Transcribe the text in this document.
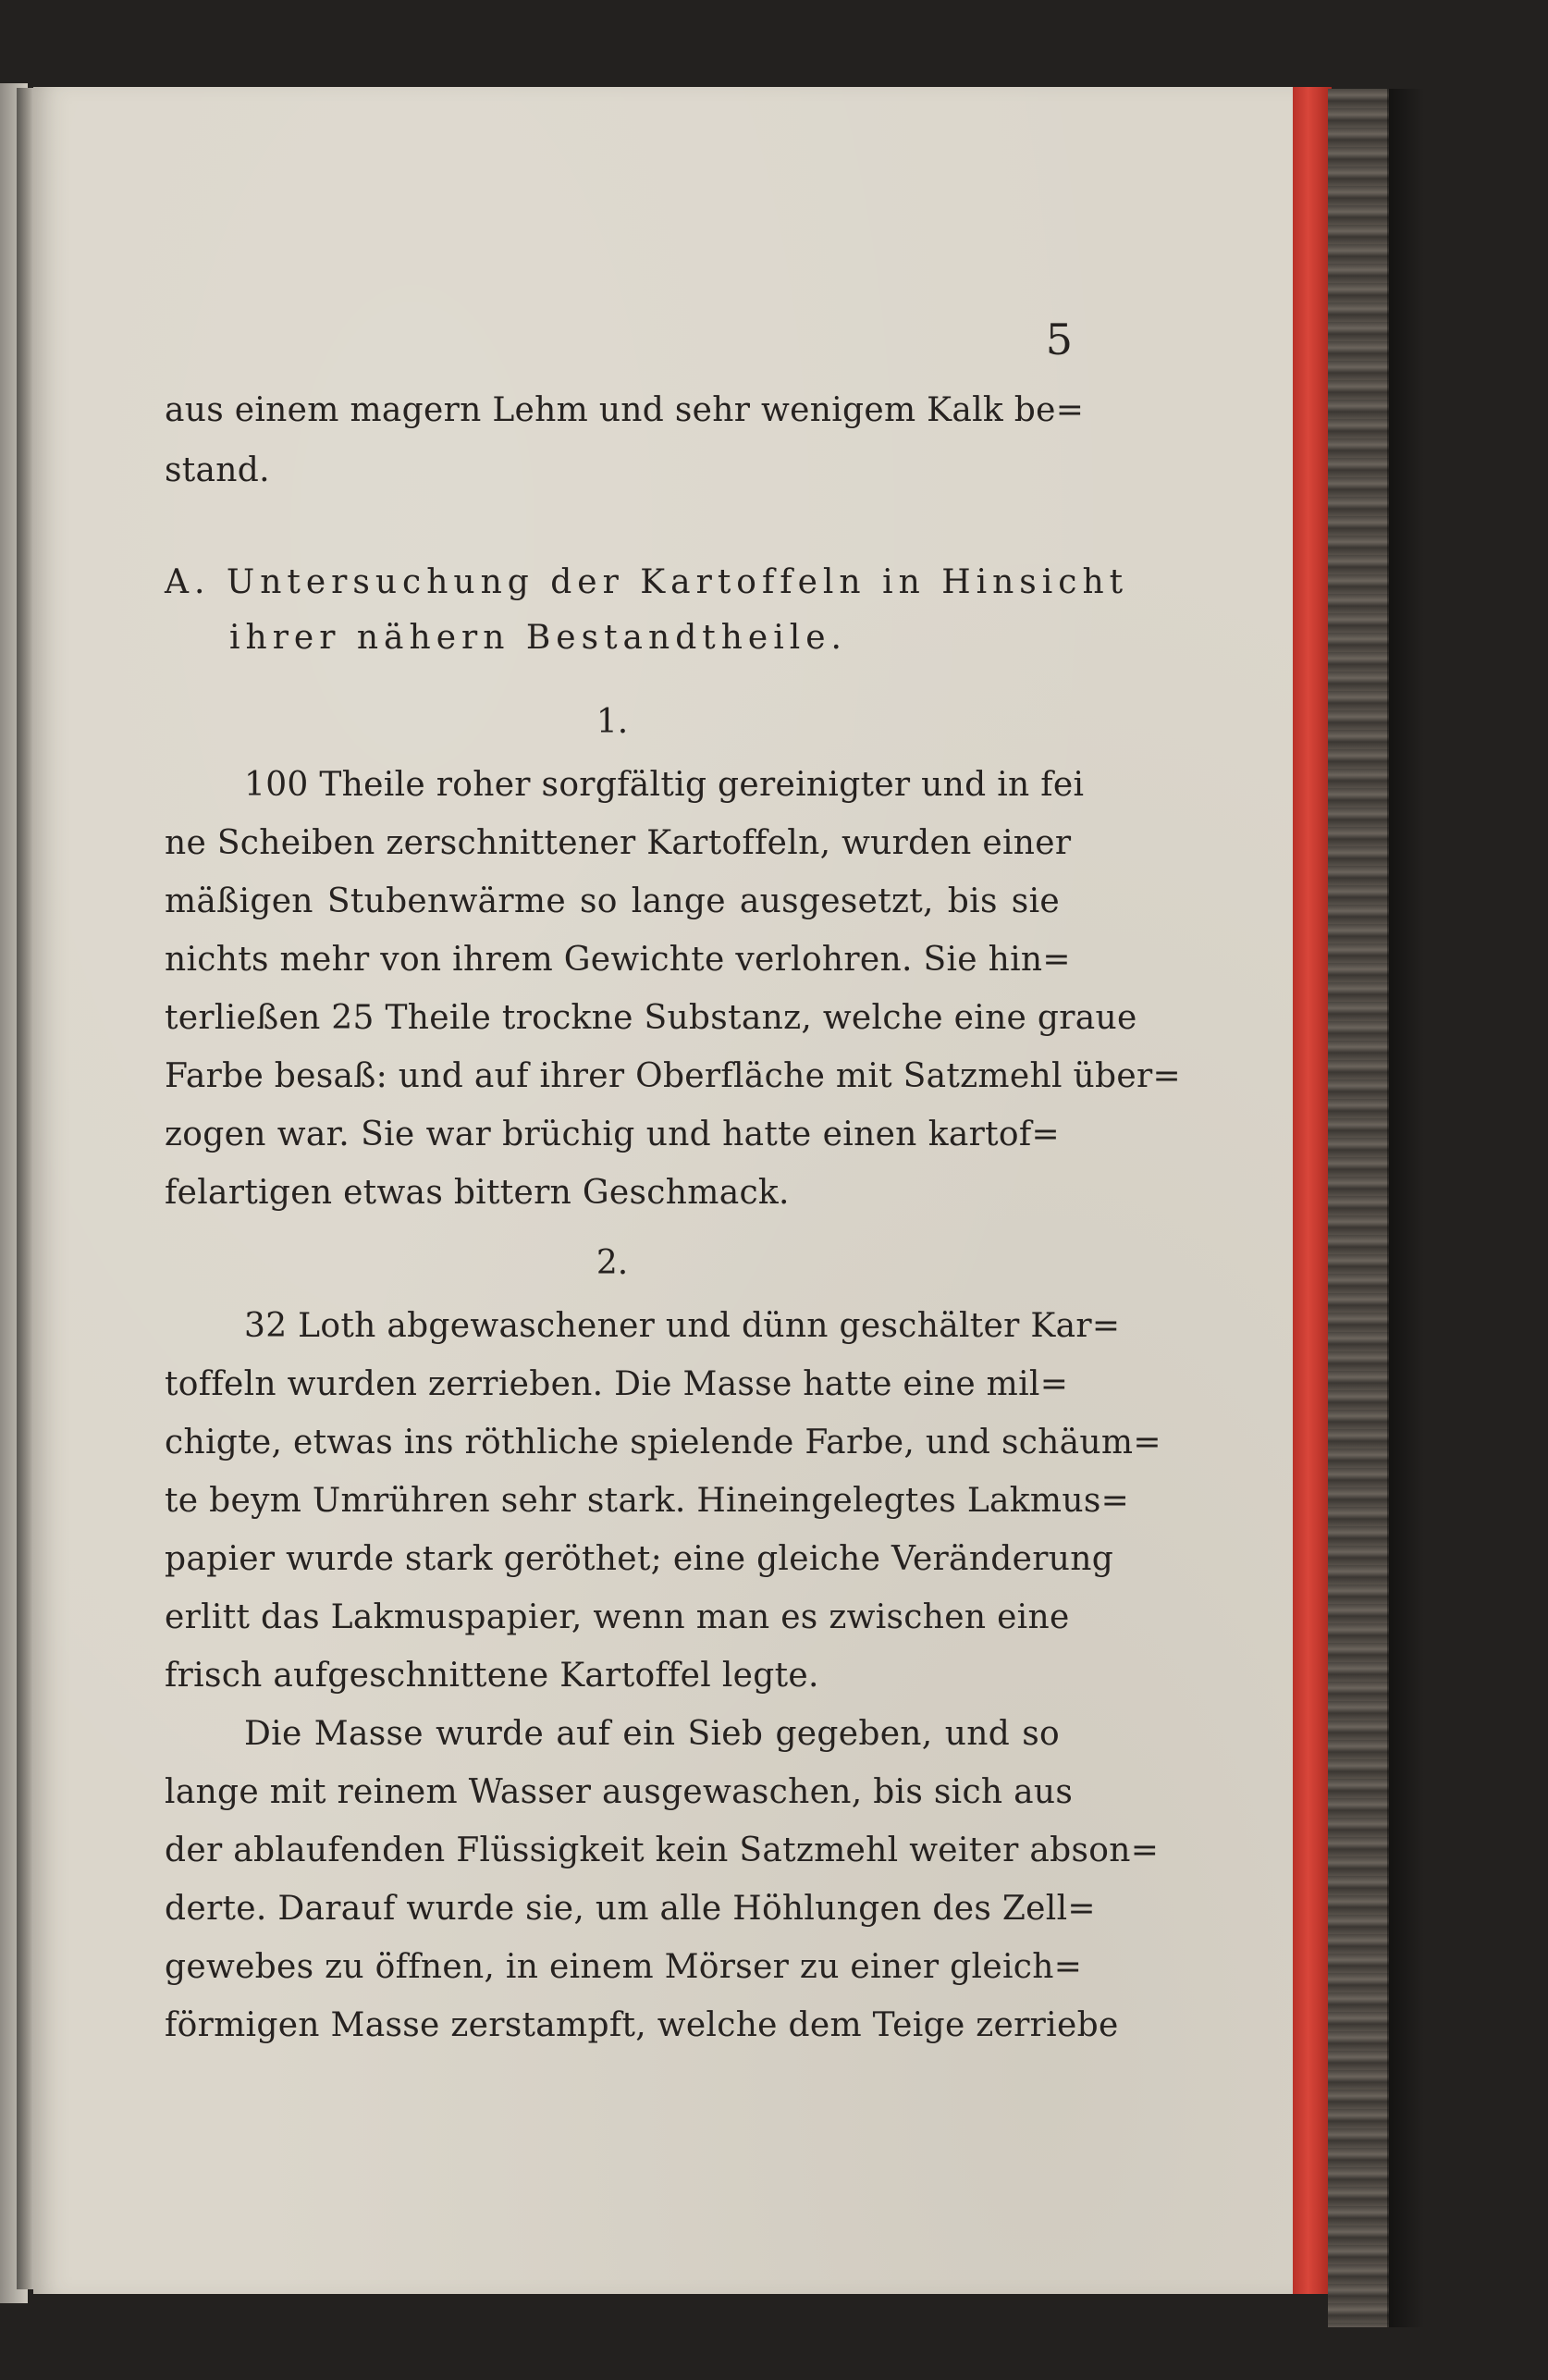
5
aus einem magern Lehm und sehr wenigem Kalk be=
stand.
A. Untersuchung der Kartoffeln in Hinsicht
ihrer nähern Bestandtheile.
1.
100 Theile roher sorgfältig gereinigter und in fei
ne Scheiben zerschnittener Kartoffeln, wurden einer
mäßigen Stubenwärme so lange ausgesetzt, bis sie
nichts mehr von ihrem Gewichte verlohren. Sie hin=
terließen 25 Theile trockne Substanz, welche eine graue
Farbe besaß: und auf ihrer Oberfläche mit Satzmehl über=
zogen war. Sie war brüchig und hatte einen kartof=
felartigen etwas bittern Geschmack.
2.
32 Loth abgewaschener und dünn geschälter Kar=
toffeln wurden zerrieben. Die Masse hatte eine mil=
chigte, etwas ins röthliche spielende Farbe, und schäum=
te beym Umrühren sehr stark. Hineingelegtes Lakmus=
papier wurde stark geröthet; eine gleiche Veränderung
erlitt das Lakmuspapier, wenn man es zwischen eine
frisch aufgeschnittene Kartoffel legte.
Die Masse wurde auf ein Sieb gegeben, und so
lange mit reinem Wasser ausgewaschen, bis sich aus
der ablaufenden Flüssigkeit kein Satzmehl weiter abson=
derte. Darauf wurde sie, um alle Höhlungen des Zell=
gewebes zu öffnen, in einem Mörser zu einer gleich=
förmigen Masse zerstampft, welche dem Teige zerriebe
